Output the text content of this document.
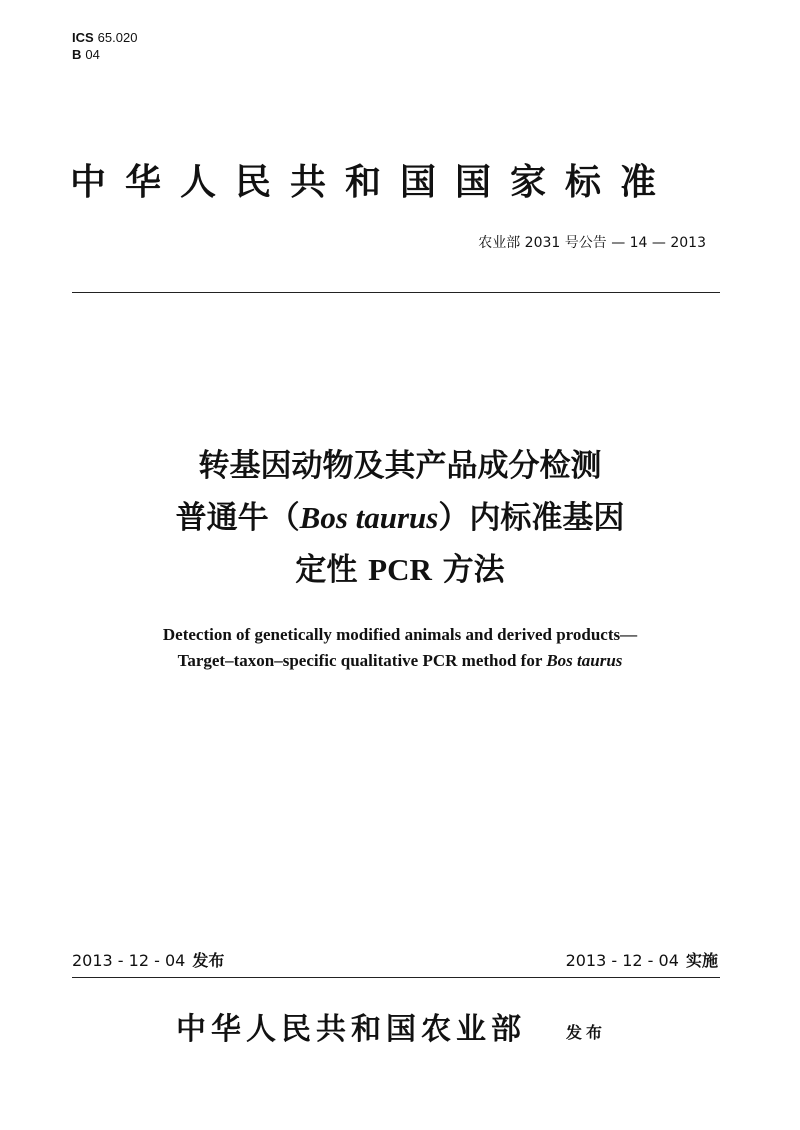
ICS 65.020
B 04
中华人民共和国国家标准
农业部 2031 号公告 — 14 — 2013
转基因动物及其产品成分检测
普通牛（Bos taurus）内标准基因
定性 PCR 方法
Detection of genetically modified animals and derived products—
Target–taxon–specific qualitative PCR method for Bos taurus
2013 - 12 - 04 发布	2013 - 12 - 04 实施
中华人民共和国农业部	发布
